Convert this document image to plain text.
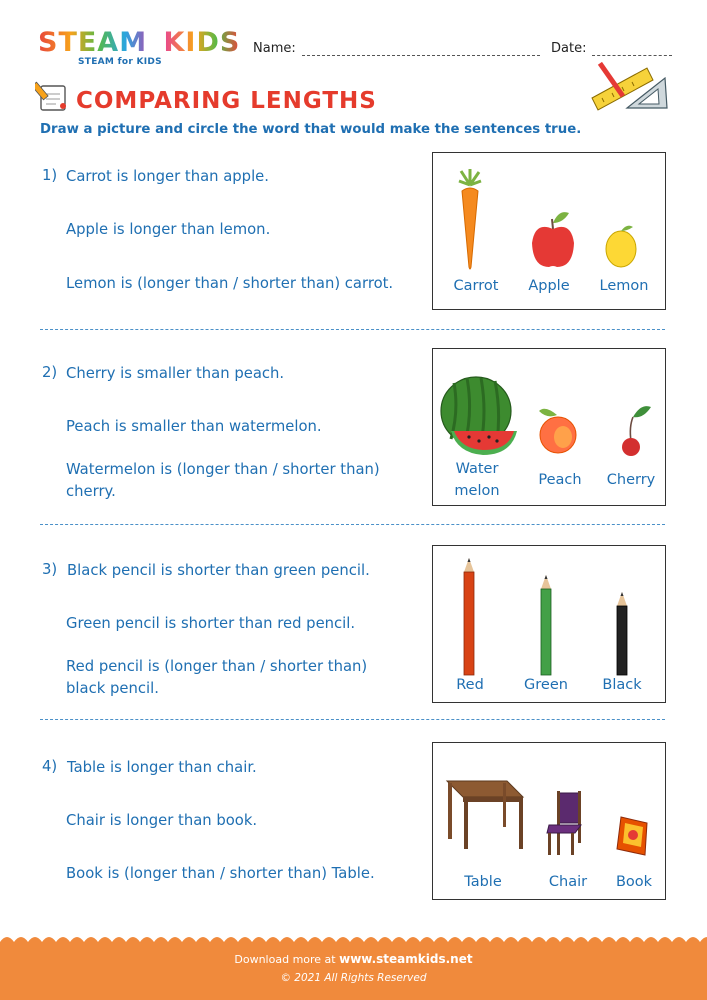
STEAM KIDS
STEAM for KIDS
Name:	Date:
COMPARING LENGTHS
Draw a picture and circle the word that would make the sentences true.
1) Carrot is longer than apple.
Apple is longer than lemon.
Lemon is (longer than / shorter than) carrot.	Carrot	Apple	Lemon
2) Cherry is smaller than peach.
Peach is smaller than watermelon.
Watermelon is (longer than / shorter than)
cherry.
Water
melon
Peach	Cherry
3) Black pencil is shorter than green pencil.
Green pencil is shorter than red pencil.
Red pencil is (longer than / shorter than)
black pencil.	Red	Green	Black
4) Table is longer than chair.
Chair is longer than book.
Book is (longer than / shorter than) Table.	Table	Chair	Book
Download more at www.steamkids.net
© 2021 All Rights Reserved
